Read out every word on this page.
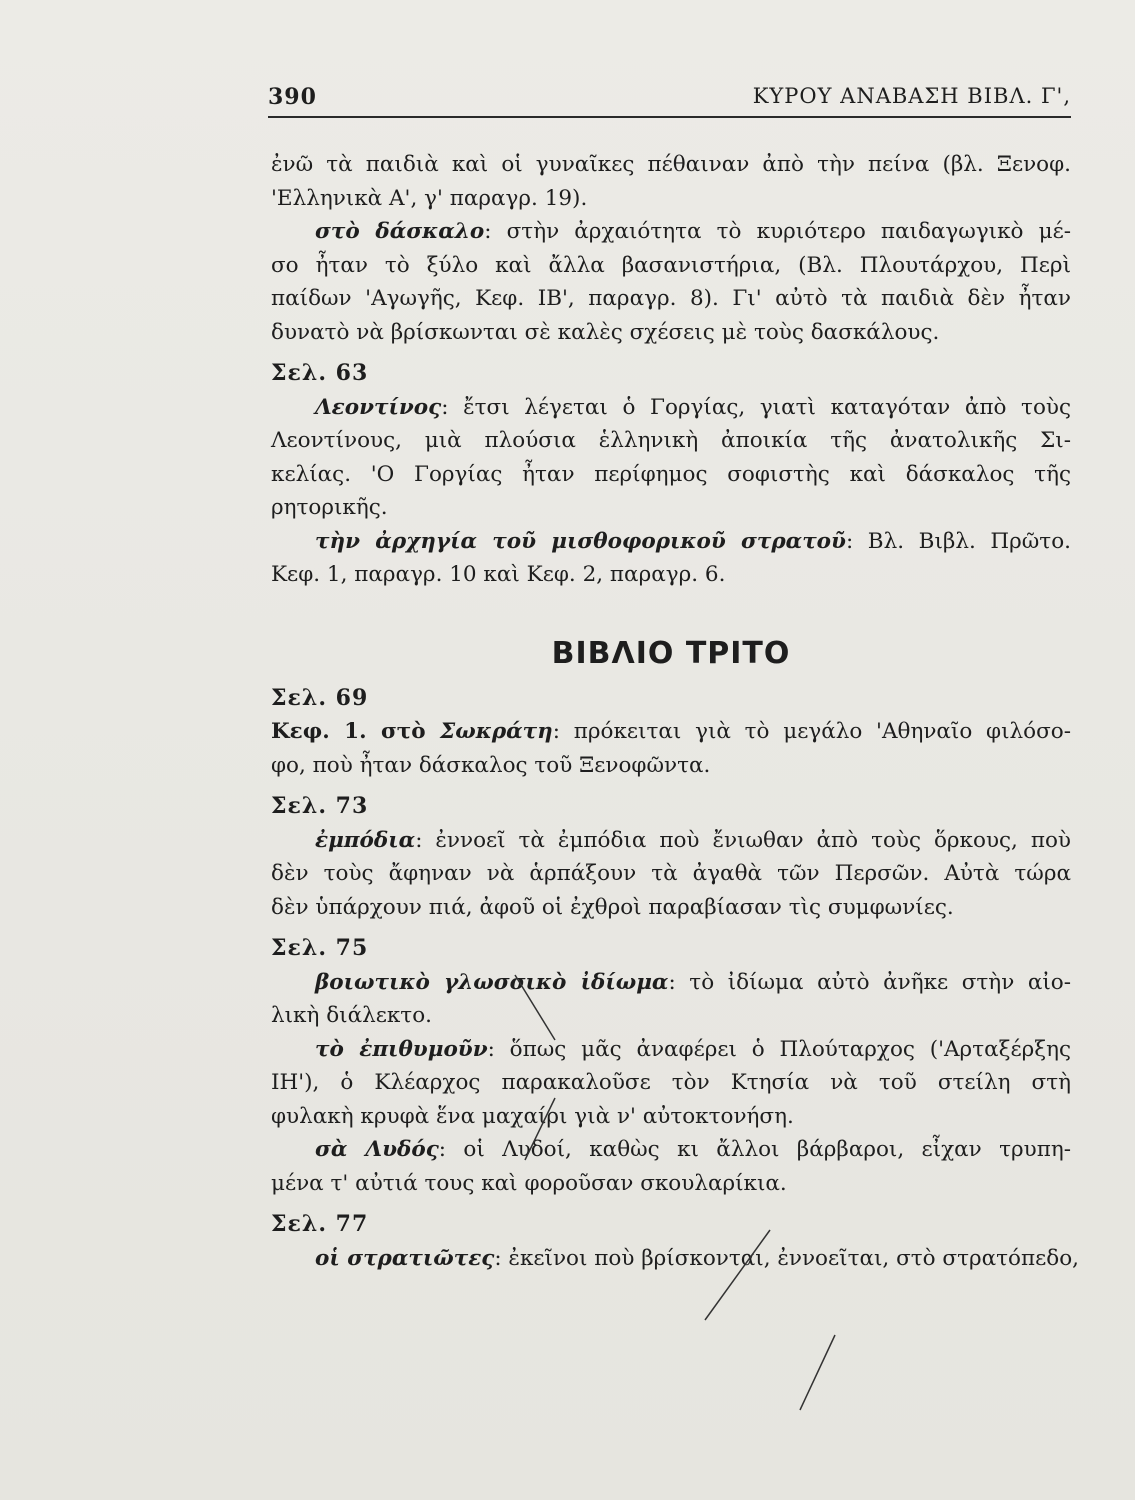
390	ΚΥΡΟΥ ΑΝΑΒΑΣΗ ΒΙΒΛ. Γ',
ἐνῶ τὰ παιδιὰ καὶ οἱ γυναῖκες πέθαιναν ἀπὸ τὴν πείνα (βλ. Ξενοφ.
'Ελληνικὰ Α', γ' παραγρ. 19).
στὸ δάσκαλο: στὴν ἀρχαιότητα τὸ κυριότερο παιδαγωγικὸ μέ-
σο ἦταν τὸ ξύλο καὶ ἄλλα βασανιστήρια, (Βλ. Πλουτάρχου, Περὶ
παίδων 'Αγωγῆς, Κεφ. ΙΒ', παραγρ. 8). Γι' αὐτὸ τὰ παιδιὰ δὲν ἦταν
δυνατὸ νὰ βρίσκωνται σὲ καλὲς σχέσεις μὲ τοὺς δασκάλους.
Σελ. 63
Λεοντίνος: ἔτσι λέγεται ὁ Γοργίας, γιατὶ καταγόταν ἀπὸ τοὺς
Λεοντίνους, μιὰ πλούσια ἑλληνικὴ ἀποικία τῆς ἀνατολικῆς Σι-
κελίας. 'Ο Γοργίας ἦταν περίφημος σοφιστὴς καὶ δάσκαλος τῆς
ρητορικῆς.
τὴν ἀρχηγία τοῦ μισθοφορικοῦ στρατοῦ: Βλ. Βιβλ. Πρῶτο.
Κεφ. 1, παραγρ. 10 καὶ Κεφ. 2, παραγρ. 6.
ΒΙΒΛΙΟ ΤΡΙΤΟ
Σελ. 69
Κεφ. 1. στὸ Σωκράτη: πρόκειται γιὰ τὸ μεγάλο 'Αθηναῖο φιλόσο-
φο, ποὺ ἦταν δάσκαλος τοῦ Ξενοφῶντα.
Σελ. 73
ἐμπόδια: ἐννοεῖ τὰ ἐμπόδια ποὺ ἔνιωθαν ἀπὸ τοὺς ὅρκους, ποὺ
δὲν τοὺς ἄφηναν νὰ ἁρπάξουν τὰ ἀγαθὰ τῶν Περσῶν. Αὐτὰ τώρα
δὲν ὑπάρχουν πιά, ἀφοῦ οἱ ἐχθροὶ παραβίασαν τὶς συμφωνίες.
Σελ. 75
βοιωτικὸ γλωσσικὸ ἰδίωμα: τὸ ἰδίωμα αὐτὸ ἀνῆκε στὴν αἰο-
λικὴ διάλεκτο.
τὸ ἐπιθυμοῦν: ὅπως μᾶς ἀναφέρει ὁ Πλούταρχος ('Αρταξέρξης
ΙΗ'), ὁ Κλέαρχος παρακαλοῦσε τὸν Κτησία νὰ τοῦ στείλη στὴ
φυλακὴ κρυφὰ ἕνα μαχαίρι γιὰ ν' αὐτοκτονήση.
σὰ Λυδός: οἱ Λυδοί, καθὼς κι ἄλλοι βάρβαροι, εἶχαν τρυπη-
μένα τ' αὐτιά τους καὶ φοροῦσαν σκουλαρίκια.
Σελ. 77
οἱ στρατιῶτες: ἐκεῖνοι ποὺ βρίσκονται, ἐννοεῖται, στὸ στρατόπεδο,
